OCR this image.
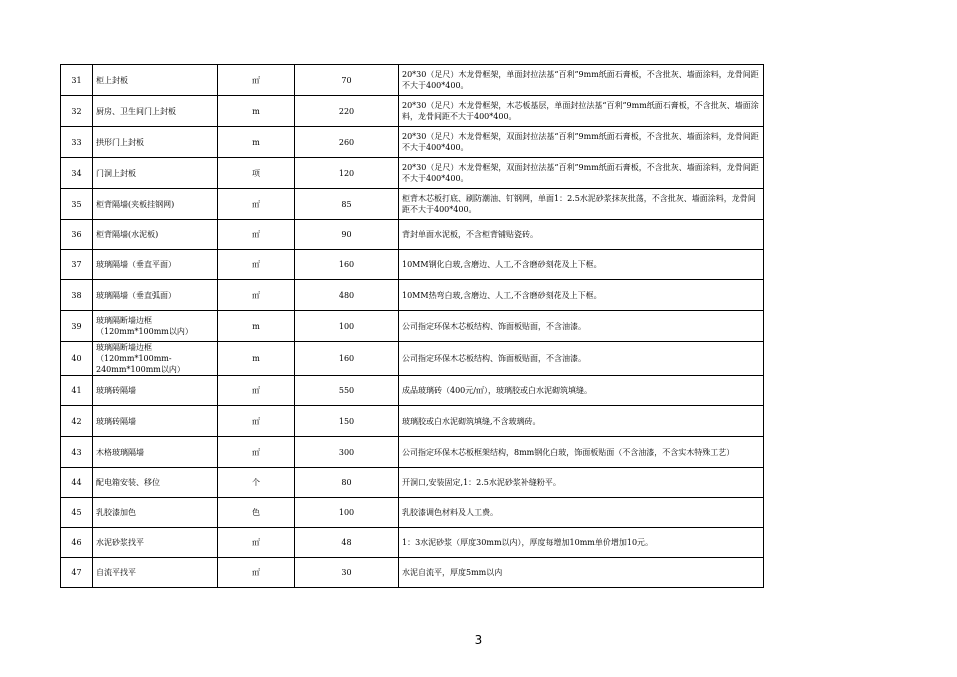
31	柜上封板	㎡	70	20*30（足尺）木龙骨框架，单面封拉法基“百利”9mm纸面石膏板，不含批灰、墙面涂料，龙骨间距不大于400*400。
32	厨房、卫生间门上封板	m	220	20*30（足尺）木龙骨框架，木芯板基层，单面封拉法基“百利”9mm纸面石膏板，不含批灰、墙面涂料，龙骨间距不大于400*400。
33	拱形门上封板	m	260	20*30（足尺）木龙骨框架，双面封拉法基“百利”9mm纸面石膏板，不含批灰、墙面涂料，龙骨间距不大于400*400。
34	门洞上封板	项	120	20*30（足尺）木龙骨框架，双面封拉法基“百利”9mm纸面石膏板，不含批灰、墙面涂料，龙骨间距不大于400*400。
35	柜背隔墙(夹板挂钢网)	㎡	85	柜背木芯板打底、刷防潮油、钉钢网，单面1：2.5水泥砂浆抹灰批荡，不含批灰、墙面涂料，龙骨间距不大于400*400。
36	柜背隔墙(水泥板)	㎡	90	背封单面水泥板，不含柜背铺贴瓷砖。
37	玻璃隔墙（垂直平面）	㎡	160	10MM钢化白玻,含磨边、人工,不含磨砂刻花及上下框。
38	玻璃隔墙（垂直弧面）	㎡	480	10MM热弯白玻,含磨边、人工,不含磨砂刻花及上下框。
39	玻璃隔断墙边框（120mm*100mm以内）	m	100	公司指定环保木芯板结构、饰面板贴面，不含油漆。
40	玻璃隔断墙边框（120mm*100mm-240mm*100mm以内）	m	160	公司指定环保木芯板结构、饰面板贴面，不含油漆。
41	玻璃砖隔墙	㎡	550	成品玻璃砖（400元/㎡），玻璃胶或白水泥砌筑填缝。
42	玻璃砖隔墙	㎡	150	玻璃胶或白水泥砌筑填缝,不含玻璃砖。
43	木格玻璃隔墙	㎡	300	公司指定环保木芯板框架结构，8mm钢化白玻，饰面板贴面（不含油漆，不含实木特殊工艺）
44	配电箱安装、移位	个	80	开洞口,安装固定,1：2.5水泥砂浆补缝粉平。
45	乳胶漆加色	色	100	乳胶漆调色材料及人工费。
46	水泥砂浆找平	㎡	48	1：3水泥砂浆（厚度30mm以内），厚度每增加10mm单价增加10元。
47	自流平找平	㎡	30	水泥自流平，厚度5mm以内
3
